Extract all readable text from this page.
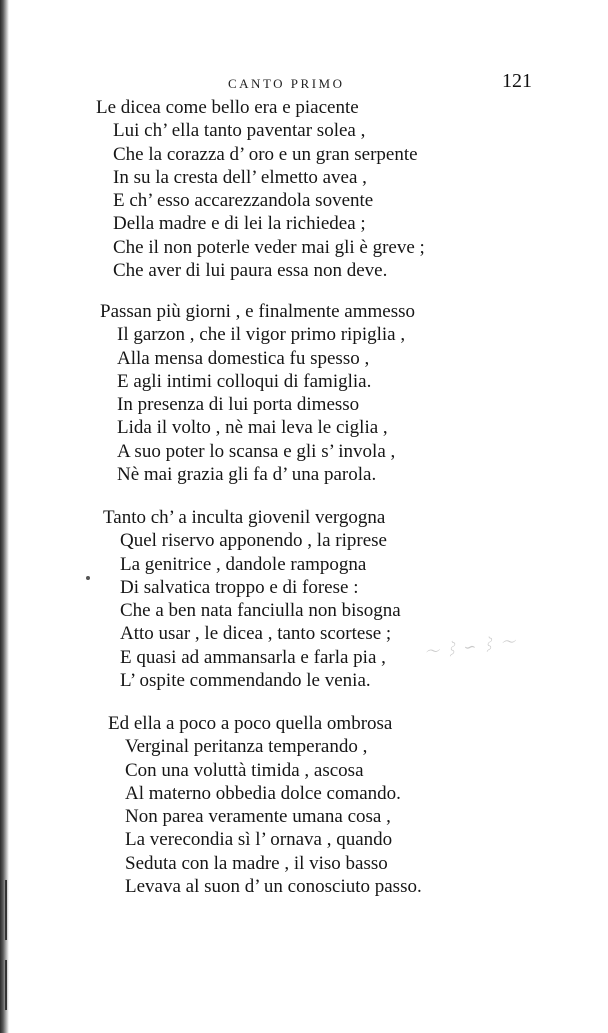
CANTO PRIMO	121
Le dicea come bello era e piacente
Lui ch’ ella tanto paventar solea ,
Che la corazza d’ oro e un gran serpente
In su la cresta dell’ elmetto avea ,
E ch’ esso accarezzandola sovente
Della madre e di lei la richiedea ;
Che il non poterle veder mai gli è greve ;
Che aver di lui paura essa non deve.
Passan più giorni , e finalmente ammesso
Il garzon , che il vigor primo ripiglia ,
Alla mensa domestica fu spesso ,
E agli intimi colloqui di famiglia.
In presenza di lui porta dimesso
Lida il volto , nè mai leva le ciglia ,
A suo poter lo scansa e gli s’ invola ,
Nè mai grazia gli fa d’ una parola.
Tanto ch’ a inculta giovenil vergogna
Quel riservo apponendo , la riprese
La genitrice , dandole rampogna
Di salvatica troppo e di forese :
Che a ben nata fanciulla non bisogna
Atto usar , le dicea , tanto scortese ;
E quasi ad ammansarla e farla pia ,
L’ ospite commendando le venia.
Ed ella a poco a poco quella ombrosa
Verginal peritanza temperando ,
Con una voluttà timida , ascosa
Al materno obbedia dolce comando.
Non parea veramente umana cosa ,
La verecondia sì l’ ornava , quando
Seduta con la madre , il viso basso
Levava al suon d’ un conosciuto passo.
～ ⌇ ∽ ⌇ ～
